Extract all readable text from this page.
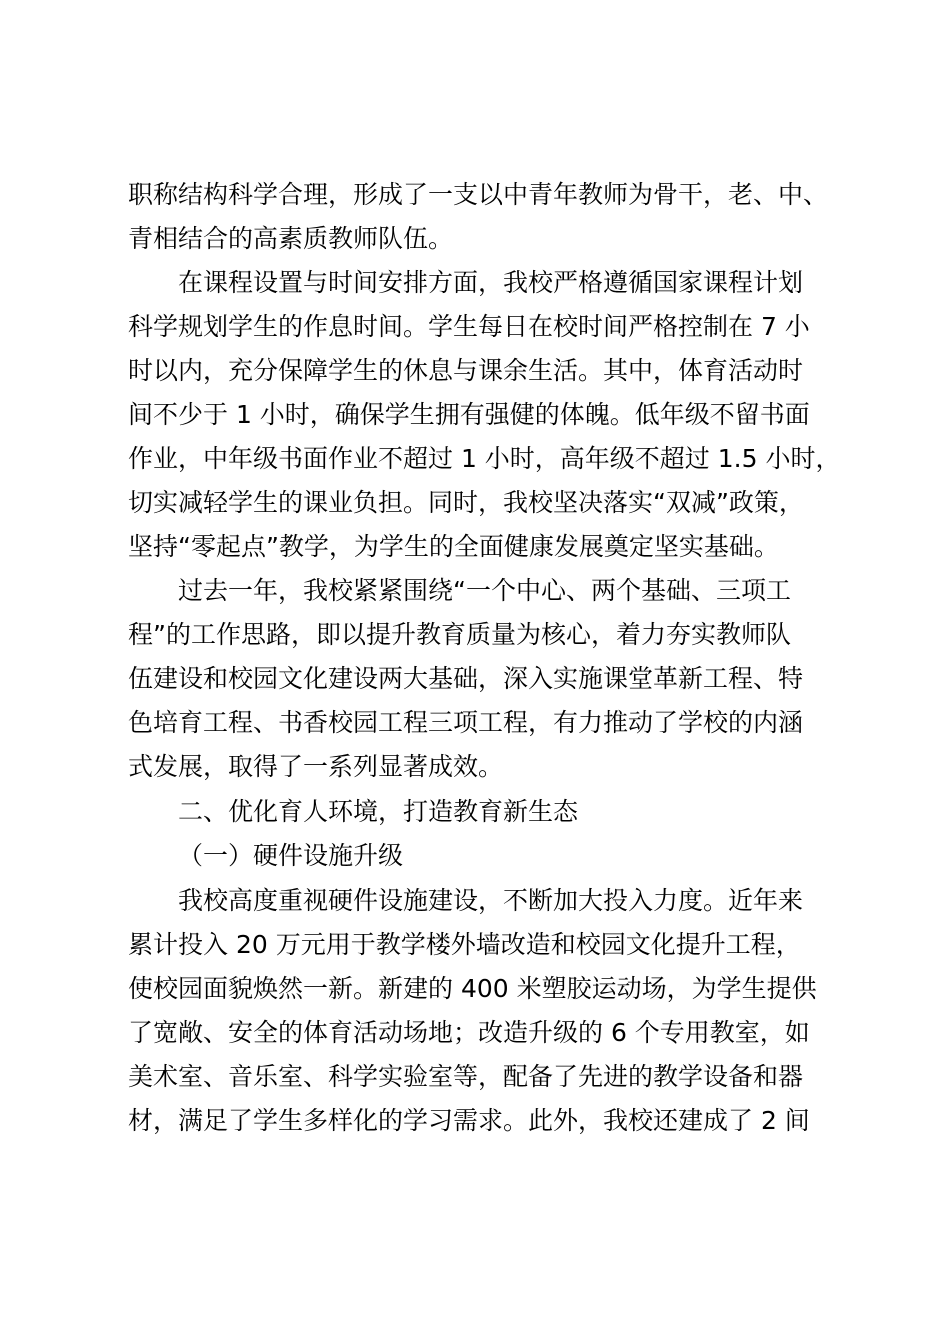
职称结构科学合理，形成了一支以中青年教师为骨干，老、中、
青相结合的高素质教师队伍。
在课程设置与时间安排方面，我校严格遵循国家课程计划
科学规划学生的作息时间。学生每日在校时间严格控制在 7 小
时以内，充分保障学生的休息与课余生活。其中，体育活动时
间不少于 1 小时，确保学生拥有强健的体魄。低年级不留书面
作业，中年级书面作业不超过 1 小时，高年级不超过 1.5 小时，
切实减轻学生的课业负担。同时，我校坚决落实“双减”政策，
坚持“零起点”教学，为学生的全面健康发展奠定坚实基础。
过去一年，我校紧紧围绕“一个中心、两个基础、三项工
程”的工作思路，即以提升教育质量为核心，着力夯实教师队
伍建设和校园文化建设两大基础，深入实施课堂革新工程、特
色培育工程、书香校园工程三项工程，有力推动了学校的内涵
式发展，取得了一系列显著成效。
二、优化育人环境，打造教育新生态
（一）硬件设施升级
我校高度重视硬件设施建设，不断加大投入力度。近年来
累计投入 20 万元用于教学楼外墙改造和校园文化提升工程，
使校园面貌焕然一新。新建的 400 米塑胶运动场，为学生提供
了宽敞、安全的体育活动场地；改造升级的 6 个专用教室，如
美术室、音乐室、科学实验室等，配备了先进的教学设备和器
材，满足了学生多样化的学习需求。此外，我校还建成了 2 间
